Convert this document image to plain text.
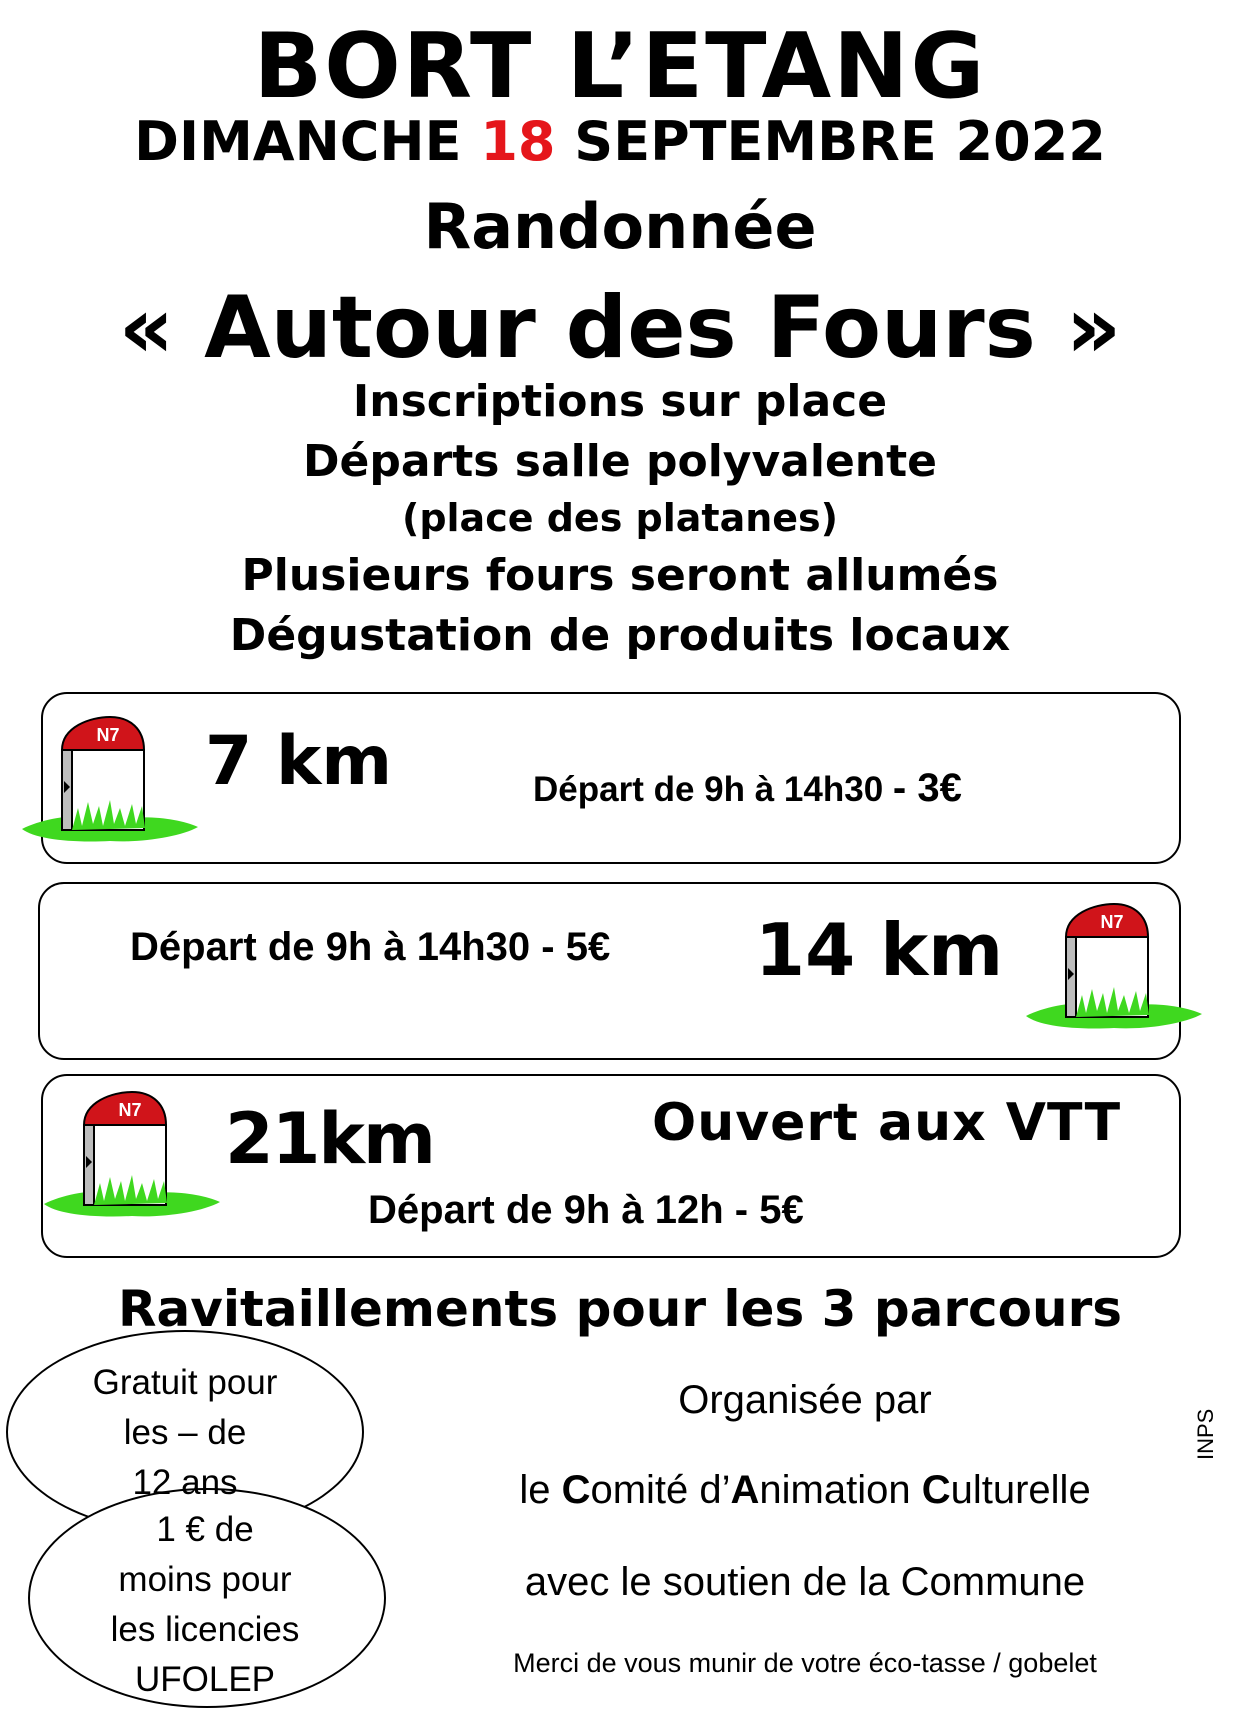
BORT L’ETANG
DIMANCHE 18 SEPTEMBRE 2022
Randonnée
« Autour des Fours »
Inscriptions sur place
Départs salle polyvalente
(place des platanes)
Plusieurs fours seront allumés
Dégustation de produits locaux
N7 7 km	Départ de 9h à 14h30 - 3€
Départ de 9h à 14h30 - 5€ 14 km	N7
N7 21km	Ouvert aux VTT
Départ de 9h à 12h - 5€
Ravitaillements pour les 3 parcours
Gratuit pour
les – de
12 ans
1 € de
moins pour
les licencies
UFOLEP
Organisée par
le Comité d’Animation Culturelle
avec le soutien de la Commune
Merci de vous munir de votre éco-tasse / gobelet
INPS
